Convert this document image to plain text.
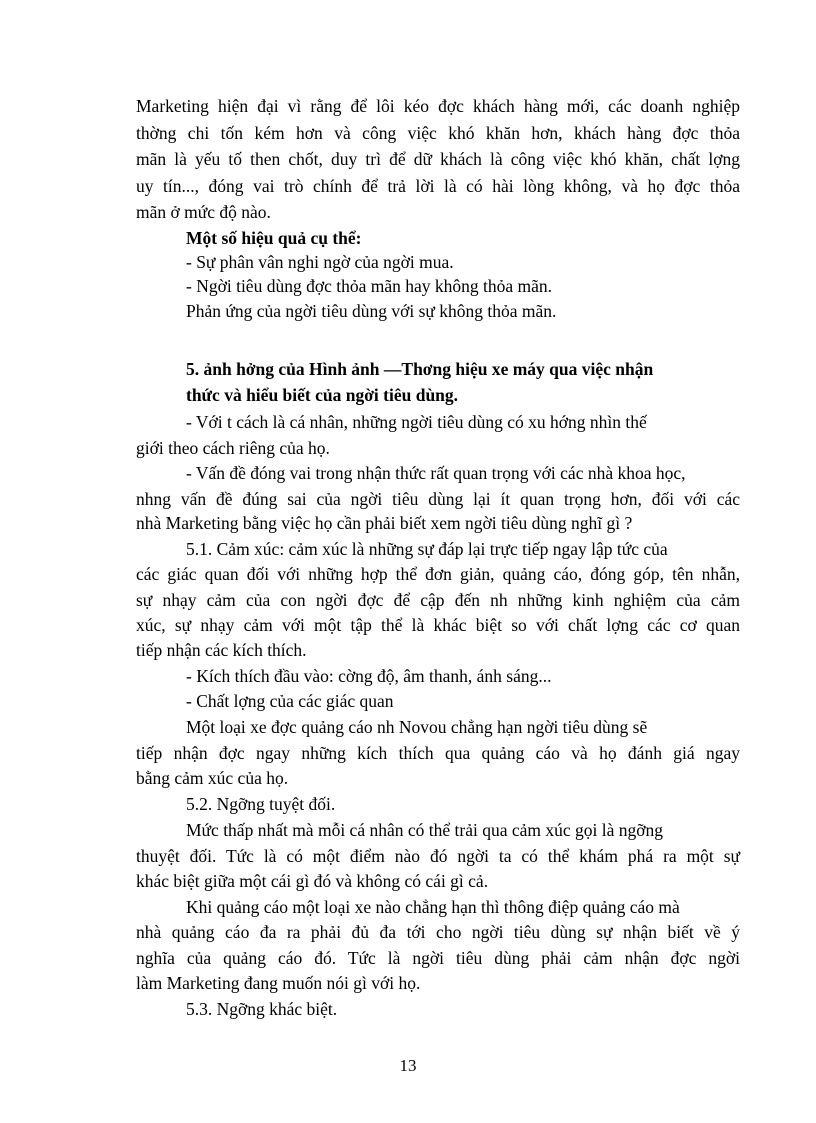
Marketing hiện đại vì rằng để lôi kéo đợc khách hàng mới, các doanh nghiệp

thờng chi tốn kém hơn và công việc khó khăn hơn, khách hàng đợc thỏa

mãn là yếu tố then chốt, duy trì để dữ khách là công việc khó khăn, chất lợng

uy tín..., đóng vai trò chính để trả lời là có hài lòng không, và họ đợc thỏa

mãn ở mức độ nào.

Một số hiệu quả cụ thể:

- Sự phân vân nghi ngờ của ngời mua.

- Ngời tiêu dùng đợc thỏa mãn hay không thỏa mãn.

Phản ứng của ngời tiêu dùng với sự không thỏa mãn.

5. ảnh hởng của Hình ảnh —Thơng hiệu xe máy qua việc nhận

thức và hiểu biết của ngời tiêu dùng.

- Với t cách là cá nhân, những ngời tiêu dùng có xu hớng nhìn thế

giới theo cách riêng của họ.

- Vấn đề đóng vai trong nhận thức rất quan trọng với các nhà khoa học,

nhng vấn đề đúng sai của ngời tiêu dùng lại ít quan trọng hơn, đối với các

nhà Marketing bằng việc họ cần phải biết xem ngời tiêu dùng nghĩ gì ?

5.1. Cảm xúc: cảm xúc là những sự đáp lại trực tiếp ngay lập tức của

các giác quan đối với những hợp thể đơn giản, quảng cáo, đóng góp, tên nhẫn,

sự nhạy cảm của con ngời đợc để cập đến nh những kinh nghiệm của cảm

xúc, sự nhạy cảm với một tập thể là khác biệt so với chất lợng các cơ quan

tiếp nhận các kích thích.

- Kích thích đầu vào: cờng độ, âm thanh, ánh sáng...

- Chất lợng của các giác quan

Một loại xe đợc quảng cáo nh Novou chẳng hạn ngời tiêu dùng sẽ

tiếp nhận đợc ngay những kích thích qua quảng cáo và họ đánh giá ngay

bằng cảm xúc của họ.

5.2. Ngỡng tuyệt đối.

Mức thấp nhất mà mỗi cá nhân có thể trải qua cảm xúc gọi là ngỡng

thuyệt đối. Tức là có một điểm nào đó ngời ta có thể khám phá ra một sự

khác biệt giữa một cái gì đó và không có cái gì cả.

Khi quảng cáo một loại xe nào chẳng hạn thì thông điệp quảng cáo mà

nhà quảng cáo đa ra phải đủ đa tới cho ngời tiêu dùng sự nhận biết về ý

nghĩa của quảng cáo đó. Tức là ngời tiêu dùng phải cảm nhận đợc ngời

làm Marketing đang muốn nói gì với họ.

5.3. Ngỡng khác biệt.

13
